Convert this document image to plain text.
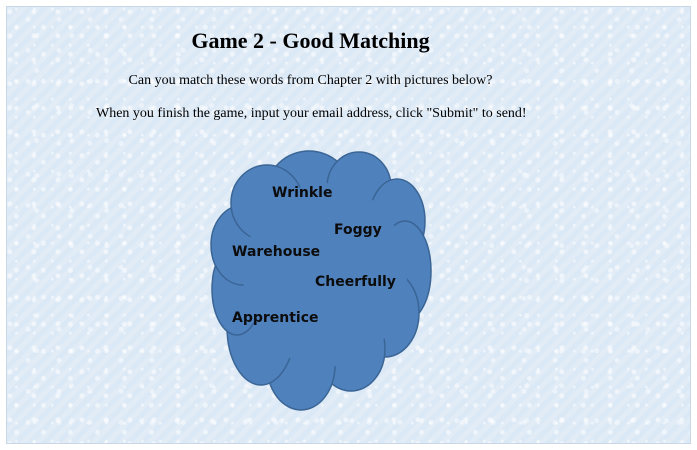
Game 2 - Good Matching

Can you match these words from Chapter 2 with pictures below?

When you finish the game, input your email address, click "Submit" to send!

Wrinkle
Foggy
Warehouse
Cheerfully
Apprentice
